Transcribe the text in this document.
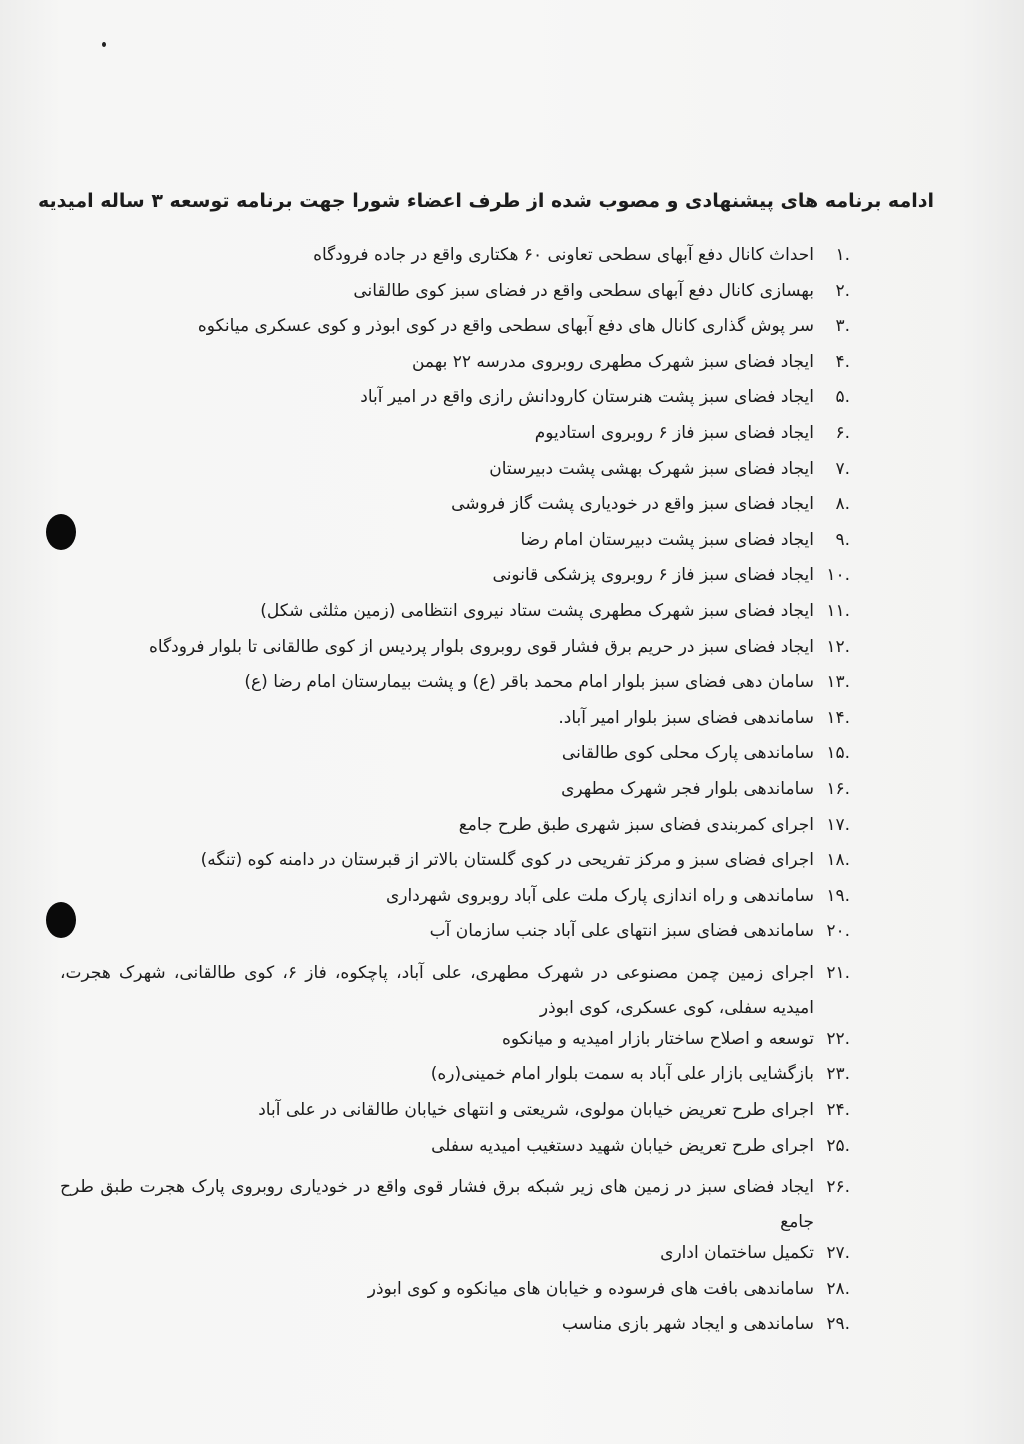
ادامه برنامه های پیشنهادی و مصوب شده از طرف اعضاء شورا جهت برنامه توسعه ۳ ساله امیدیه
.۱
احداث کانال دفع آبهای سطحی تعاونی ۶۰ هکتاری واقع در جاده فرودگاه
.۲
بهسازی کانال دفع آبهای سطحی واقع در فضای سبز کوی طالقانی
.۳
سر پوش گذاری کانال های دفع آبهای سطحی واقع در کوی ابوذر و کوی عسکری میانکوه
.۴
ایجاد فضای سبز شهرک مطهری روبروی مدرسه ۲۲ بهمن
.۵
ایجاد فضای سبز پشت هنرستان کارودانش رازی واقع در امیر آباد
.۶
ایجاد فضای سبز فاز ۶ روبروی استادیوم
.۷
ایجاد فضای سبز شهرک بهشی پشت دبیرستان
.۸
ایجاد فضای سبز واقع در خودیاری پشت گاز فروشی
.۹
ایجاد فضای سبز پشت دبیرستان امام رضا
.۱۰
ایجاد فضای سبز فاز ۶ روبروی پزشکی قانونی
.۱۱
ایجاد فضای سبز شهرک مطهری پشت ستاد نیروی انتظامی (زمین مثلثی شکل)
.۱۲
ایجاد فضای سبز در حریم برق فشار قوی روبروی بلوار پردیس از کوی طالقانی تا بلوار فرودگاه
.۱۳
سامان دهی فضای سبز بلوار امام محمد باقر (ع) و پشت بیمارستان امام رضا (ع)
.۱۴
ساماندهی فضای سبز بلوار امیر آباد.
.۱۵
ساماندهی پارک محلی کوی طالقانی
.۱۶
ساماندهی بلوار فجر شهرک مطهری
.۱۷
اجرای کمربندی فضای سبز شهری طبق طرح جامع
.۱۸
اجرای فضای سبز و مرکز تفریحی در کوی گلستان بالاتر از قبرستان در دامنه کوه (تنگه)
.۱۹
ساماندهی و راه اندازی پارک ملت علی آباد روبروی شهرداری
.۲۰
ساماندهی فضای سبز انتهای علی آباد جنب سازمان آب
.۲۱
اجرای زمین چمن مصنوعی در شهرک مطهری، علی آباد، پاچکوه، فاز ۶، کوی طالقانی، شهرک هجرت، امیدیه سفلی، کوی عسکری، کوی ابوذر
.۲۲
توسعه و اصلاح ساختار بازار امیدیه و میانکوه
.۲۳
بازگشایی بازار علی آباد به سمت بلوار امام خمینی(ره)
.۲۴
اجرای طرح تعریض خیابان مولوی، شریعتی و انتهای خیابان طالقانی در علی آباد
.۲۵
اجرای طرح تعریض خیابان شهید دستغیب امیدیه سفلی
.۲۶
ایجاد فضای سبز در زمین های زیر شبکه برق فشار قوی واقع در خودیاری روبروی پارک هجرت طبق طرح جامع
.۲۷
تکمیل ساختمان اداری
.۲۸
ساماندهی بافت های فرسوده و خیابان های میانکوه و کوی ابوذر
.۲۹
ساماندهی و ایجاد شهر بازی مناسب
